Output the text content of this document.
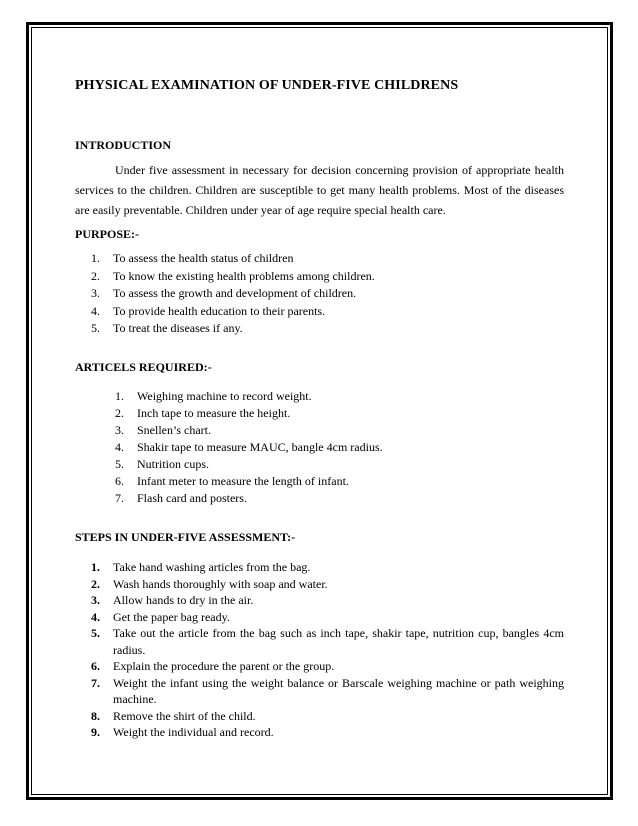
PHYSICAL EXAMINATION OF UNDER-FIVE CHILDRENS
INTRODUCTION

Under five assessment in necessary for decision concerning provision of appropriate health services to the children. Children are susceptible to get many health problems. Most of the diseases are easily preventable. Children under year of age require special health care.

PURPOSE:-
1. To assess the health status of children
2. To know the existing health problems among children.
3. To assess the growth and development of children.
4. To provide health education to their parents.
5. To treat the diseases if any.
ARTICELS REQUIRED:-
1. Weighing machine to record weight.
2. Inch tape to measure the height.
3. Snellen’s chart.
4. Shakir tape to measure MAUC, bangle 4cm radius.
5. Nutrition cups.
6. Infant meter to measure the length of infant.
7. Flash card and posters.
STEPS IN UNDER-FIVE ASSESSMENT:-
1.	Take hand washing articles from the bag.
2.	Wash hands thoroughly with soap and water.
3.	Allow hands to dry in the air.
4.	Get the paper bag ready.
5.	Take out the article from the bag such as inch tape, shakir tape, nutrition cup, bangles 4cm radius.
6.	Explain the procedure the parent or the group.
7.	Weight the infant using the weight balance or Barscale weighing machine or path weighing machine.
8.	Remove the shirt of the child.
9.	Weight the individual and record.
